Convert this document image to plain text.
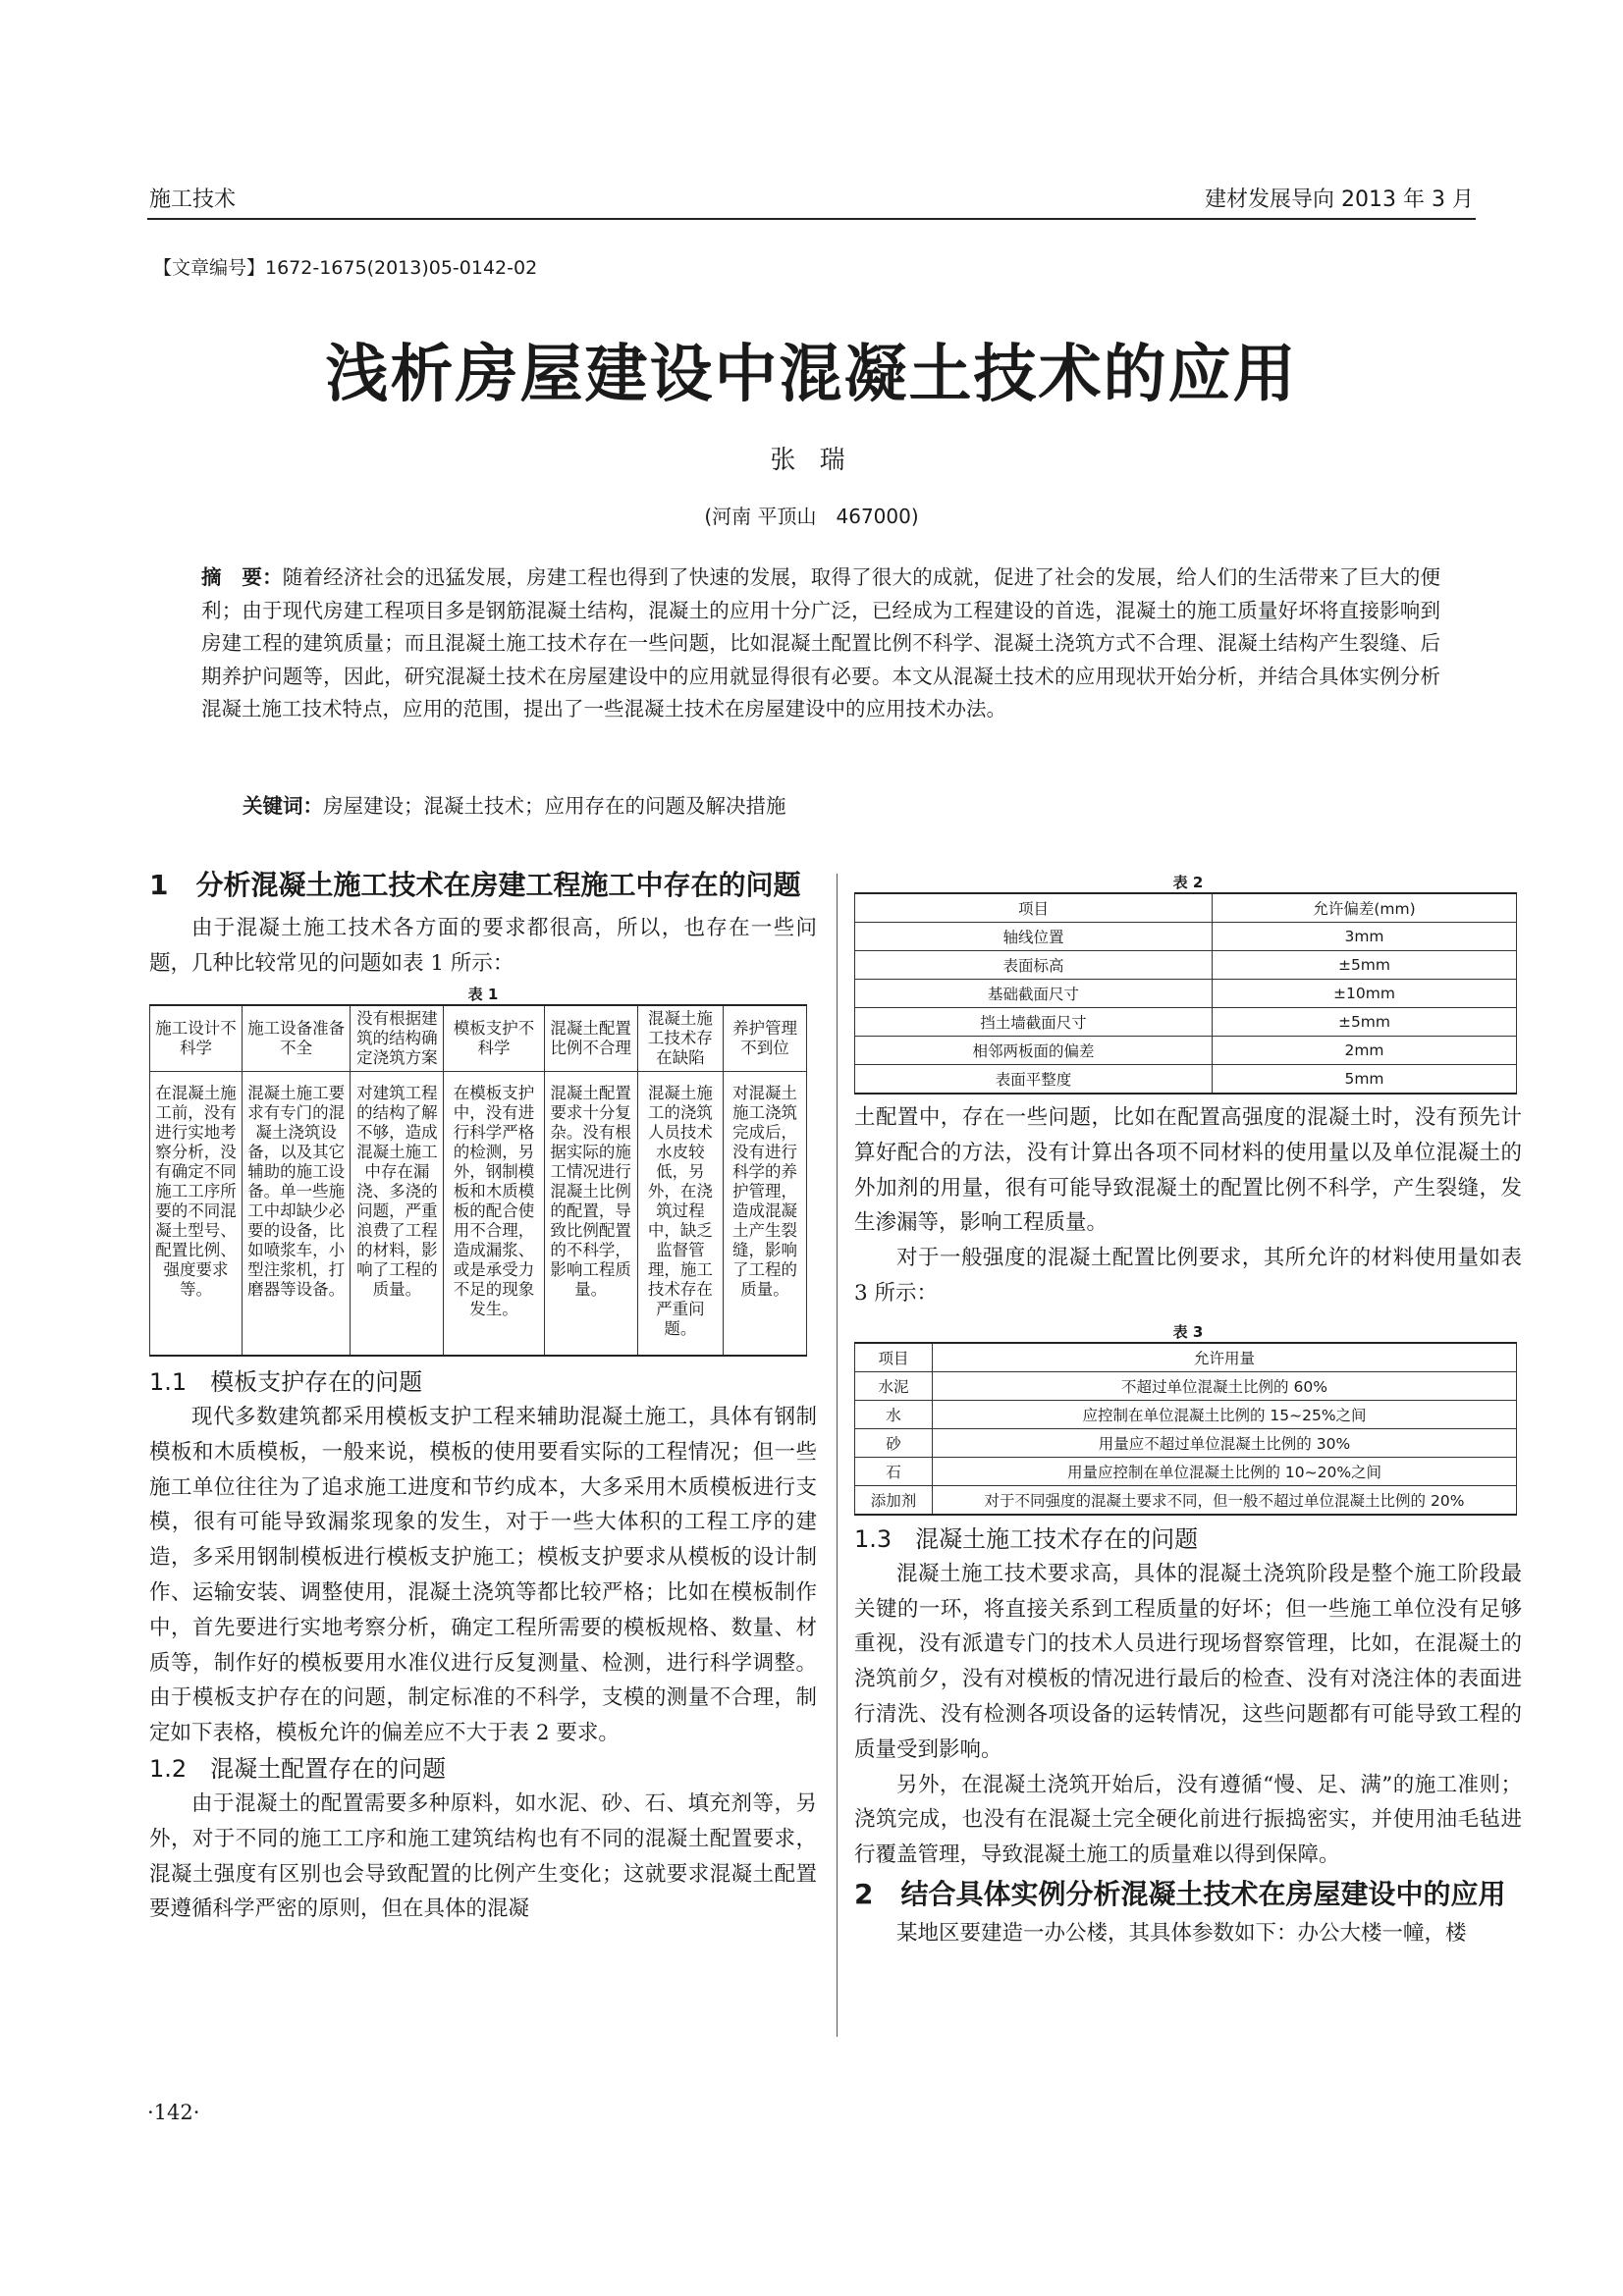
施工技术	建材发展导向 2013 年 3 月
【文章编号】1672-1675(2013)05-0142-02
浅析房屋建设中混凝土技术的应用
张 瑞
(河南 平顶山　467000)
摘　要：随着经济社会的迅猛发展，房建工程也得到了快速的发展，取得了很大的成就，促进了社会的发展，给人们的生活带来了巨大的便利；由于现代房建工程项目多是钢筋混凝土结构，混凝土的应用十分广泛，已经成为工程建设的首选，混凝土的施工质量好坏将直接影响到房建工程的建筑质量；而且混凝土施工技术存在一些问题，比如混凝土配置比例不科学、混凝土浇筑方式不合理、混凝土结构产生裂缝、后期养护问题等，因此，研究混凝土技术在房屋建设中的应用就显得很有必要。本文从混凝土技术的应用现状开始分析，并结合具体实例分析混凝土施工技术特点，应用的范围，提出了一些混凝土技术在房屋建设中的应用技术办法。
关键词：房屋建设；混凝土技术；应用存在的问题及解决措施
1　分析混凝土施工技术在房建工程施工中存在的问题

由于混凝土施工技术各方面的要求都很高，所以，也存在一些问题，几种比较常见的问题如表 1 所示：

表 1
施工设计不科学	施工设备准备不全	没有根据建筑的结构确定浇筑方案	模板支护不科学	混凝土配置比例不合理	混凝土施工技术存在缺陷	养护管理不到位
在混凝土施工前，没有进行实地考察分析，没有确定不同施工工序所要的不同混凝土型号、配置比例、强度要求等。	混凝土施工要求有专门的混凝土浇筑设备，以及其它辅助的施工设备。单一些施工中却缺少必要的设备，比如喷浆车，小型注浆机，打磨器等设备。	对建筑工程的结构了解不够，造成混凝土施工中存在漏浇、多浇的问题，严重浪费了工程的材料，影响了工程的质量。	在模板支护中，没有进行科学严格的检测，另外，钢制模板和木质模板的配合使用不合理，造成漏浆、或是承受力不足的现象发生。	混凝土配置要求十分复杂。没有根据实际的施工情况进行混凝土比例的配置，导致比例配置的不科学，影响工程质量。	混凝土施工的浇筑人员技术水皮较低，另外，在浇筑过程中，缺乏监督管理，施工技术存在严重问题。	对混凝土施工浇筑完成后，没有进行科学的养护管理，造成混凝土产生裂缝，影响了工程的质量。
1.1　模板支护存在的问题

现代多数建筑都采用模板支护工程来辅助混凝土施工，具体有钢制模板和木质模板，一般来说，模板的使用要看实际的工程情况；但一些施工单位往往为了追求施工进度和节约成本，大多采用木质模板进行支模，很有可能导致漏浆现象的发生，对于一些大体积的工程工序的建造，多采用钢制模板进行模板支护施工；模板支护要求从模板的设计制作、运输安装、调整使用，混凝土浇筑等都比较严格；比如在模板制作中，首先要进行实地考察分析，确定工程所需要的模板规格、数量、材质等，制作好的模板要用水准仪进行反复测量、检测，进行科学调整。由于模板支护存在的问题，制定标准的不科学，支模的测量不合理，制定如下表格，模板允许的偏差应不大于表 2 要求。

1.2　混凝土配置存在的问题

由于混凝土的配置需要多种原料，如水泥、砂、石、填充剂等，另外，对于不同的施工工序和施工建筑结构也有不同的混凝土配置要求，混凝土强度有区别也会导致配置的比例产生变化；这就要求混凝土配置要遵循科学严密的原则，但在具体的混凝

表 2
项目	允许偏差(mm)
轴线位置	3mm
表面标高	±5mm
基础截面尺寸	±10mm
挡土墙截面尺寸	±5mm
相邻两板面的偏差	2mm
表面平整度	5mm

土配置中，存在一些问题，比如在配置高强度的混凝土时，没有预先计算好配合的方法，没有计算出各项不同材料的使用量以及单位混凝土的外加剂的用量，很有可能导致混凝土的配置比例不科学，产生裂缝，发生渗漏等，影响工程质量。

对于一般强度的混凝土配置比例要求，其所允许的材料使用量如表 3 所示：

表 3
项目	允许用量
水泥	不超过单位混凝土比例的 60%
水	应控制在单位混凝土比例的 15~25%之间
砂	用量应不超过单位混凝土比例的 30%
石	用量应控制在单位混凝土比例的 10~20%之间
添加剂	对于不同强度的混凝土要求不同，但一般不超过单位混凝土比例的 20%
1.3　混凝土施工技术存在的问题

混凝土施工技术要求高，具体的混凝土浇筑阶段是整个施工阶段最关键的一环，将直接关系到工程质量的好坏；但一些施工单位没有足够重视，没有派遣专门的技术人员进行现场督察管理，比如，在混凝土的浇筑前夕，没有对模板的情况进行最后的检查、没有对浇注体的表面进行清洗、没有检测各项设备的运转情况，这些问题都有可能导致工程的质量受到影响。

另外，在混凝土浇筑开始后，没有遵循“慢、足、满”的施工准则；浇筑完成，也没有在混凝土完全硬化前进行振捣密实，并使用油毛毡进行覆盖管理，导致混凝土施工的质量难以得到保障。

2　结合具体实例分析混凝土技术在房屋建设中的应用

某地区要建造一办公楼，其具体参数如下：办公大楼一幢，楼

·142·
